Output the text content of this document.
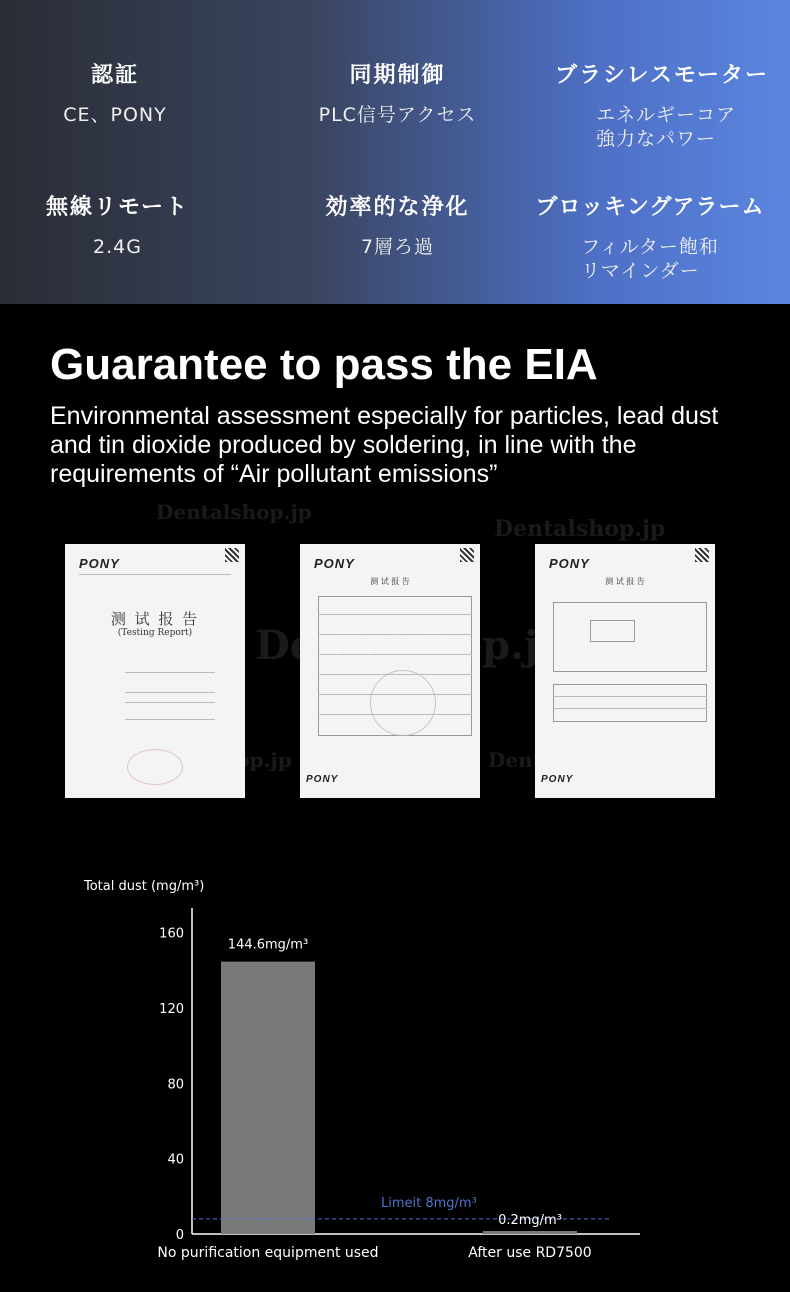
認証
CE、PONY
同期制御
PLC信号アクセス
ブラシレスモーター
エネルギーコア
強力なパワー
無線リモート
2.4G
効率的な浄化
7層ろ過
ブロッキングアラーム
フィルター飽和
リマインダー
Guarantee to pass the EIA
Environmental assessment especially for particles, lead dust and tin dioxide produced by soldering, in line with the requirements of “Air pollutant emissions”
Dentalshop.jp
Dentalshop.jp
PONY
测 试 报 告
(Testing Report)
PONY
测 试 报 告
PONY
PONY
测 试 报 告
PONY
Dentalshop.jp
Dentalshop.jp	Dentalshop.jp
Total dust (mg/m³)
0
40
80
120
160
Limeit 8mg/m³
144.6mg/m³
0.2mg/m³
No purification equipment used	After use RD7500
